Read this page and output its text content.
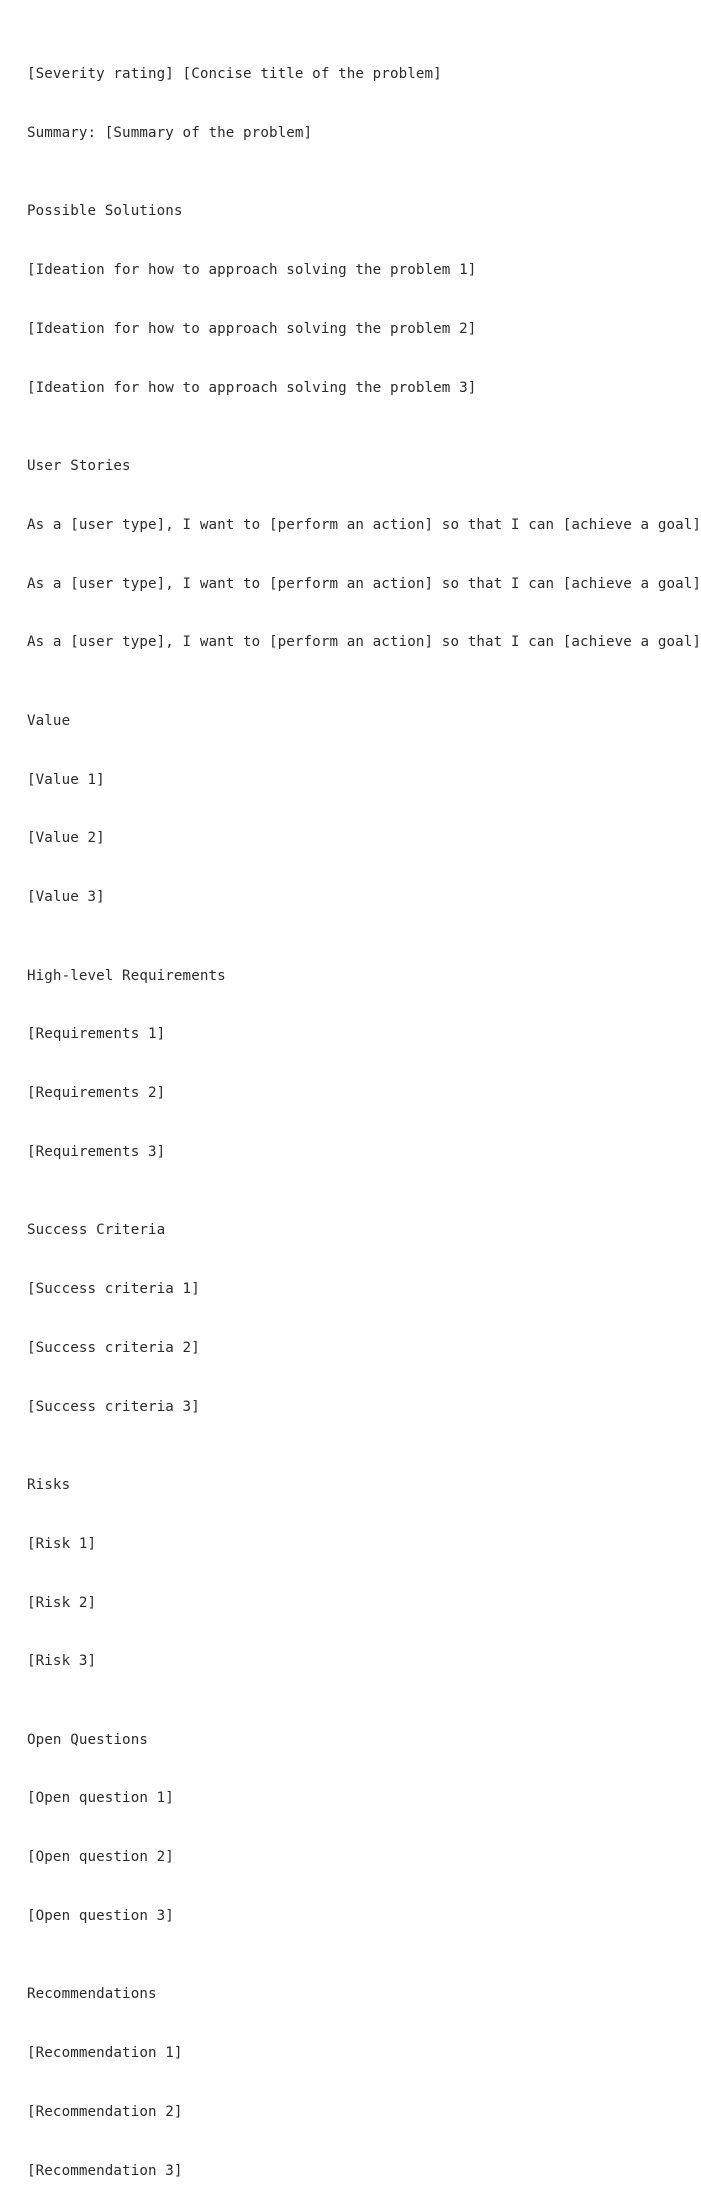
[Severity rating] [Concise title of the problem]

Summary: [Summary of the problem]

Possible Solutions

[Ideation for how to approach solving the problem 1]

[Ideation for how to approach solving the problem 2]

[Ideation for how to approach solving the problem 3]

User Stories

As a [user type], I want to [perform an action] so that I can [achieve a goal]

As a [user type], I want to [perform an action] so that I can [achieve a goal]

As a [user type], I want to [perform an action] so that I can [achieve a goal]

Value

[Value 1]

[Value 2]

[Value 3]

High-level Requirements

[Requirements 1]

[Requirements 2]

[Requirements 3]

Success Criteria

[Success criteria 1]

[Success criteria 2]

[Success criteria 3]

Risks

[Risk 1]

[Risk 2]

[Risk 3]

Open Questions

[Open question 1]

[Open question 2]

[Open question 3]

Recommendations

[Recommendation 1]

[Recommendation 2]

[Recommendation 3]
